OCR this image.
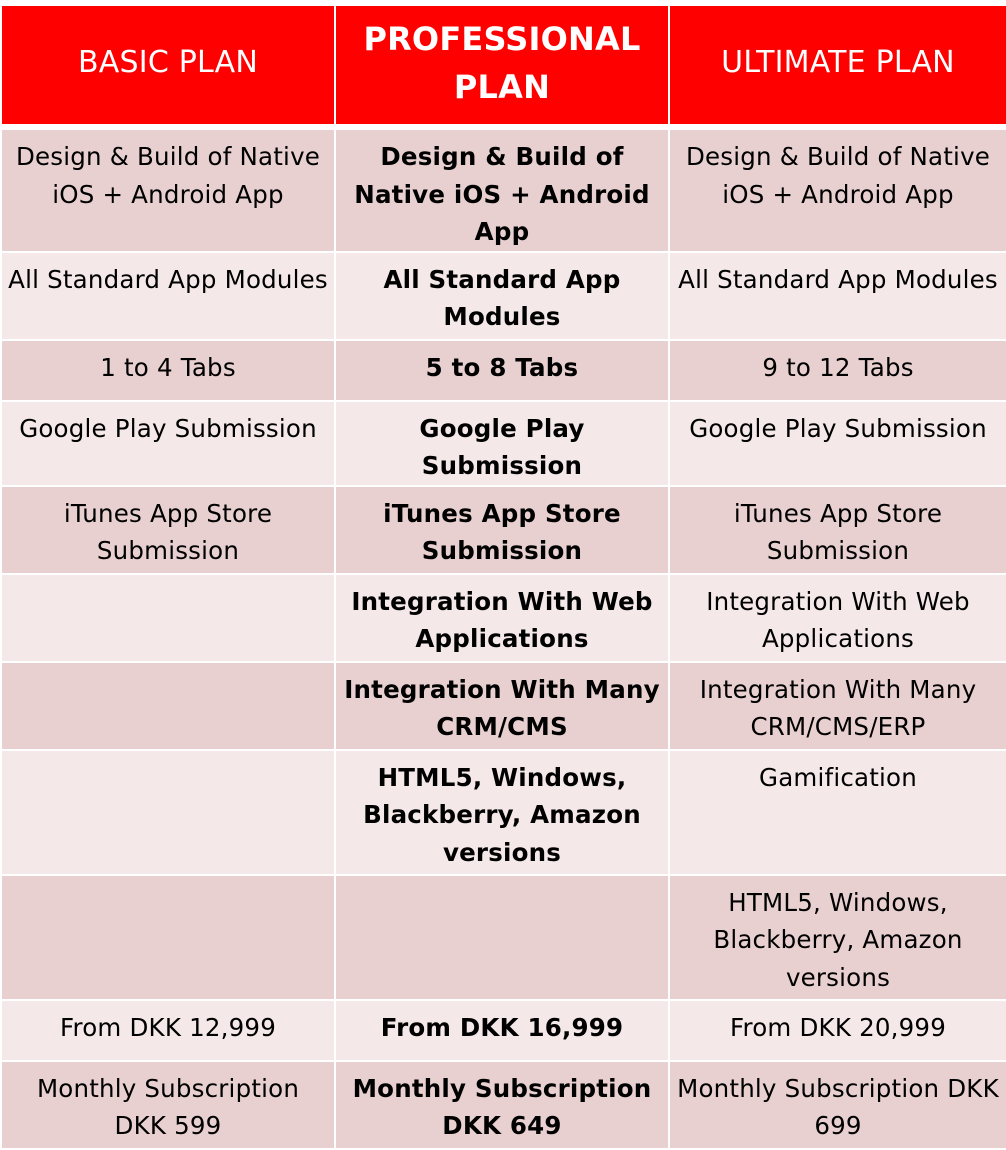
BASIC PLAN	PROFESSIONAL PLAN	ULTIMATE PLAN

Design & Build of Native iOS + Android App	Design & Build of Native iOS + Android App	Design & Build of Native iOS + Android App

All Standard App Modules	All Standard App Modules	All Standard App Modules

1 to 4 Tabs	5 to 8 Tabs	9 to 12 Tabs

Google Play Submission	Google Play Submission	Google Play Submission

iTunes App Store Submission	iTunes App Store Submission	iTunes App Store Submission

	Integration With Web Applications	Integration With Web Applications

	Integration With Many CRM/CMS	Integration With Many CRM/CMS/ERP

	HTML5, Windows, Blackberry, Amazon versions	Gamification

		HTML5, Windows, Blackberry, Amazon versions

From DKK 12,999	From DKK 16,999	From DKK 20,999

Monthly Subscription DKK 599	Monthly Subscription DKK 649	Monthly Subscription DKK 699
